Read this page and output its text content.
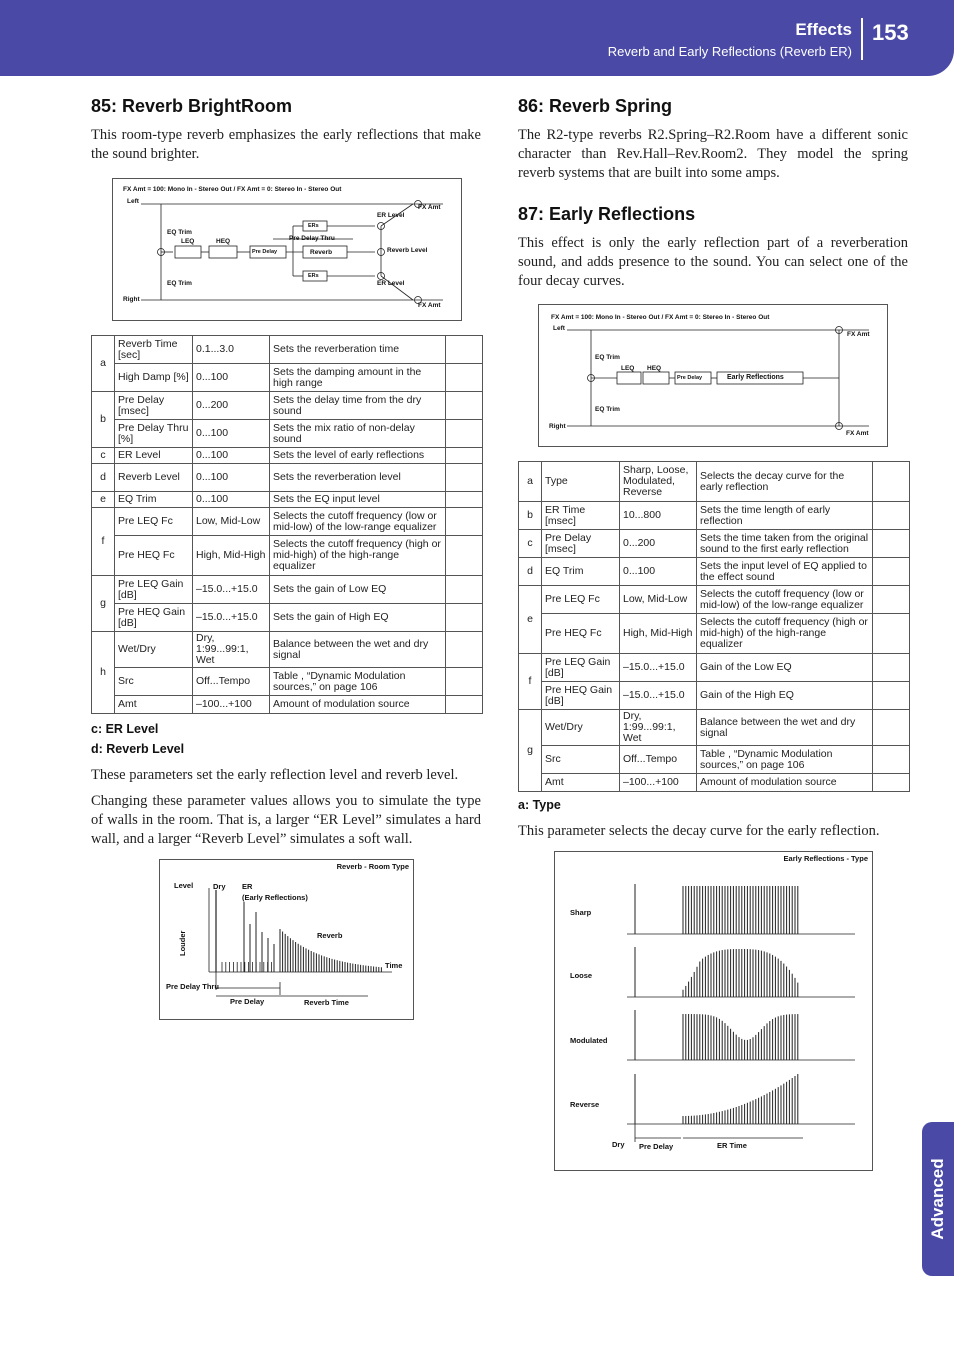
Effects
Reverb and Early Reflections (Reverb ER)
153
Advanced
85: Reverb BrightRoom
This room-type reverb emphasizes the early reflections that make the sound brighter.
FX Amt = 100: Mono In - Stereo Out / FX Amt = 0: Stereo In - Stereo Out
Left
Right
EQ Trim
EQ Trim
LEQ	HEQ
Pre Delay
Pre Delay Thru
Reverb
ERs
ERs
ER Level
ER Level
Reverb Level
FX Amt
FX Amt
a	Reverb Time [sec]	0.1...3.0	Sets the reverberation time	
	High Damp [%]	0...100	Sets the damping amount in the high range	
b	Pre Delay [msec]	0...200	Sets the delay time from the dry sound	
	Pre Delay Thru [%]	0...100	Sets the mix ratio of non-delay sound	
c	ER Level	0...100	Sets the level of early reflections	
d	Reverb Level	0...100	Sets the reverberation level	
e	EQ Trim	0...100	Sets the EQ input level	
f	Pre LEQ Fc	Low, Mid-Low	Selects the cutoff frequency (low or mid-low) of the low-range equalizer	
	Pre HEQ Fc	High, Mid-High	Selects the cutoff frequency (high or mid-high) of the high-range equalizer	
g	Pre LEQ Gain [dB]	–15.0...+15.0	Sets the gain of Low EQ	
	Pre HEQ Gain [dB]	–15.0...+15.0	Sets the gain of High EQ	
h	Wet/Dry	Dry, 1:99...99:1, Wet	Balance between the wet and dry signal	
	Src	Off...Tempo	Table , “Dynamic Modulation sources,” on page 106	
	Amt	–100...+100	Amount of modulation source	
c: ER Level
d: Reverb Level
These parameters set the early reflection level and reverb level.
Changing these parameter values allows you to simulate the type of walls in the room. That is, a larger “ER Level” simulates a hard wall, and a larger “Reverb Level” simulates a soft wall.
Reverb - Room Type
Level	Dry ER
(Early Reflections)
Reverb
Louder
Time
Pre Delay Thru
Pre Delay	Reverb Time
86: Reverb Spring
The R2-type reverbs R2.Spring–R2.Room have a different sonic character than Rev.Hall–Rev.Room2. They model the spring reverb systems that are built into some amps.
87: Early Reflections
This effect is only the early reflection part of a reverberation sound, and adds presence to the sound. You can select one of the four decay curves.
FX Amt = 100: Mono In - Stereo Out / FX Amt = 0: Stereo In - Stereo Out
Left
Right
EQ Trim
EQ Trim
LEQ HEQ
Pre Delay	Early Reflections
FX Amt
FX Amt
a	Type	Sharp, Loose, Modulated, Reverse	Selects the decay curve for the early reflection	
b	ER Time [msec]	10...800	Sets the time length of early reflection	
c	Pre Delay [msec]	0...200	Sets the time taken from the original sound to the first early reflection	
d	EQ Trim	0...100	Sets the input level of EQ applied to the effect sound	
e	Pre LEQ Fc	Low, Mid-Low	Selects the cutoff frequency (low or mid-low) of the low-range equalizer	
	Pre HEQ Fc	High, Mid-High	Selects the cutoff frequency (high or mid-high) of the high-range equalizer	
f	Pre LEQ Gain [dB]	–15.0...+15.0	Gain of the Low EQ	
	Pre HEQ Gain [dB]	–15.0...+15.0	Gain of the High EQ	
g	Wet/Dry	Dry, 1:99...99:1, Wet	Balance between the wet and dry signal	
	Src	Off...Tempo	Table , “Dynamic Modulation sources,” on page 106	
	Amt	–100...+100	Amount of modulation source	
a: Type
This parameter selects the decay curve for the early reflection.
Early Reflections - Type
Sharp
Loose
Modulated
Reverse
Dry Pre Delay	ER Time
